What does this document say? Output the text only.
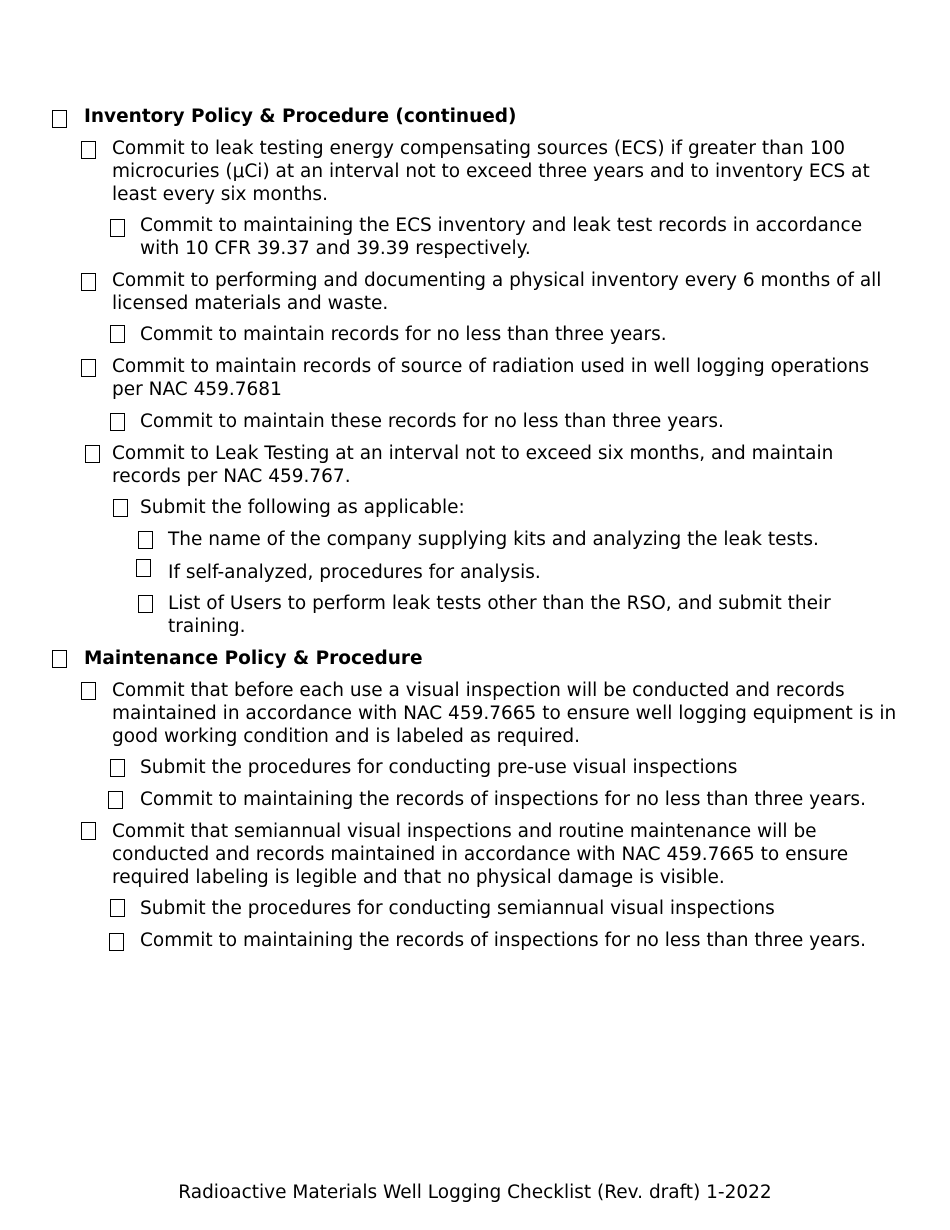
Inventory Policy & Procedure (continued)
Commit to leak testing energy compensating sources (ECS) if greater than 100 microcuries (μCi) at an interval not to exceed three years and to inventory ECS at least every six months.
Commit to maintaining the ECS inventory and leak test records in accordance with 10 CFR 39.37 and 39.39 respectively.
Commit to performing and documenting a physical inventory every 6 months of all licensed materials and waste.
Commit to maintain records for no less than three years.
Commit to maintain records of source of radiation used in well logging operations per NAC 459.7681
Commit to maintain these records for no less than three years.
Commit to Leak Testing at an interval not to exceed six months, and maintain records per NAC 459.767.
Submit the following as applicable:
The name of the company supplying kits and analyzing the leak tests.
If self-analyzed, procedures for analysis.
List of Users to perform leak tests other than the RSO, and submit their training.
Maintenance Policy & Procedure
Commit that before each use a visual inspection will be conducted and records maintained in accordance with NAC 459.7665 to ensure well logging equipment is in good working condition and is labeled as required.
Submit the procedures for conducting pre-use visual inspections
Commit to maintaining the records of inspections for no less than three years.
Commit that semiannual visual inspections and routine maintenance will be conducted and records maintained in accordance with NAC 459.7665 to ensure required labeling is legible and that no physical damage is visible.
Submit the procedures for conducting semiannual visual inspections
Commit to maintaining the records of inspections for no less than three years.
Radioactive Materials Well Logging Checklist (Rev. draft) 1-2022
